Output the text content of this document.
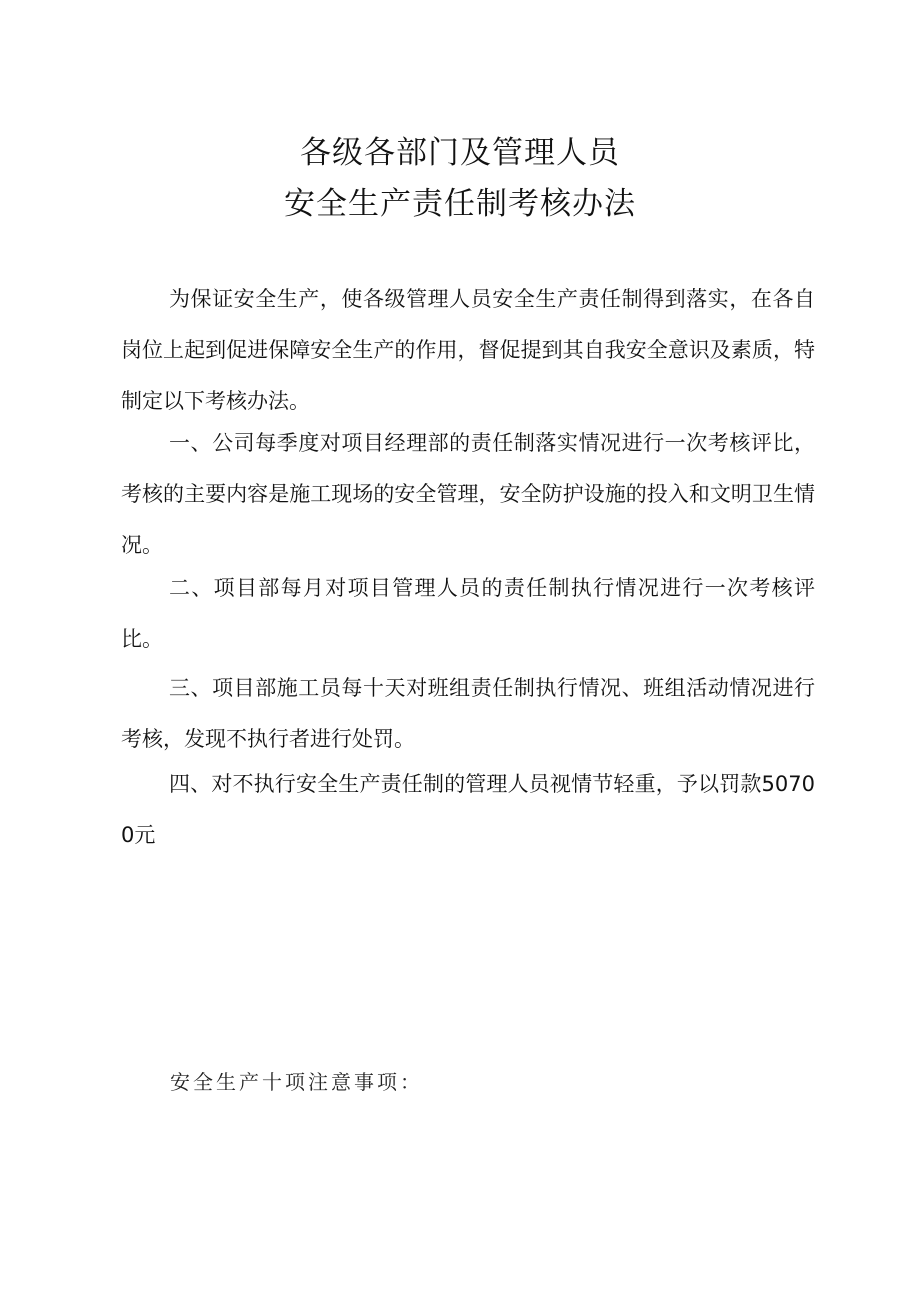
各级各部门及管理人员
安全生产责任制考核办法

为保证安全生产，使各级管理人员安全生产责任制得到落实，在各自岗位上起到促进保障安全生产的作用，督促提到其自我安全意识及素质，特制定以下考核办法。

一、公司每季度对项目经理部的责任制落实情况进行一次考核评比，考核的主要内容是施工现场的安全管理，安全防护设施的投入和文明卫生情况。

二、项目部每月对项目管理人员的责任制执行情况进行一次考核评比。

三、项目部施工员每十天对班组责任制执行情况、班组活动情况进行考核，发现不执行者进行处罚。

四、对不执行安全生产责任制的管理人员视情节轻重，予以罚款50700元

安全生产十项注意事项：
